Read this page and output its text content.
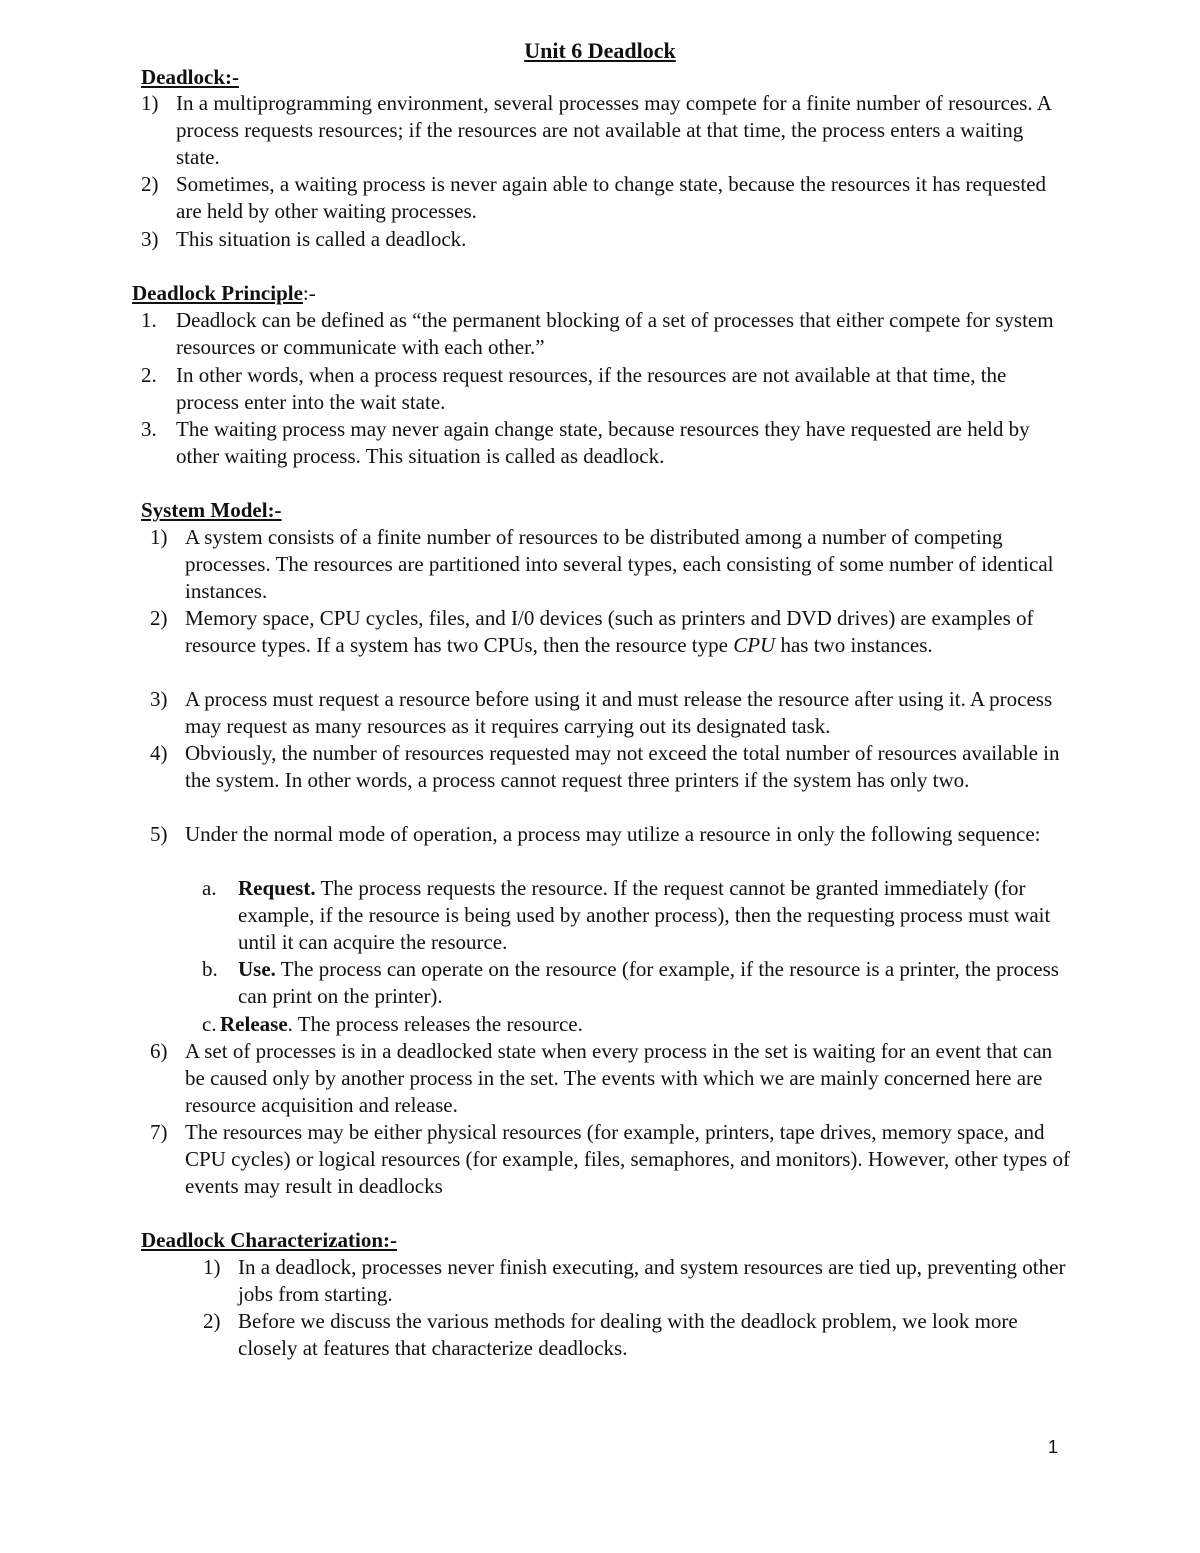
Unit 6 Deadlock
Deadlock:-
1) In a multiprogramming environment, several processes may compete for a finite number of resources. A process requests resources; if the resources are not available at that time, the process enters a waiting state.
2) Sometimes, a waiting process is never again able to change state, because the resources it has requested are held by other waiting processes.
3) This situation is called a deadlock.
Deadlock Principle:-
1. Deadlock can be defined as “the permanent blocking of a set of processes that either compete for system resources or communicate with each other.”
2. In other words, when a process request resources, if the resources are not available at that time, the process enter into the wait state.
3. The waiting process may never again change state, because resources they have requested are held by other waiting process. This situation is called as deadlock.
System Model:-
1) A system consists of a finite number of resources to be distributed among a number of competing processes. The resources are partitioned into several types, each consisting of some number of identical instances.
2) Memory space, CPU cycles, files, and I/0 devices (such as printers and DVD drives) are examples of resource types. If a system has two CPUs, then the resource type CPU has two instances.
3) A process must request a resource before using it and must release the resource after using it. A process may request as many resources as it requires carrying out its designated task.
4) Obviously, the number of resources requested may not exceed the total number of resources available in the system. In other words, a process cannot request three printers if the system has only two.
5) Under the normal mode of operation, a process may utilize a resource in only the following sequence:
a.	Request. The process requests the resource. If the request cannot be granted immediately (for example, if the resource is being used by another process), then the requesting process must wait until it can acquire the resource.
b. Use. The process can operate on the resource (for example, if the resource is a printer, the process can print on the printer).
c. Release. The process releases the resource.
6) A set of processes is in a deadlocked state when every process in the set is waiting for an event that can be caused only by another process in the set. The events with which we are mainly concerned here are resource acquisition and release.
7) The resources may be either physical resources (for example, printers, tape drives, memory space, and CPU cycles) or logical resources (for example, files, semaphores, and monitors). However, other types of events may result in deadlocks
Deadlock Characterization:-
1) In a deadlock, processes never finish executing, and system resources are tied up, preventing other jobs from starting.
2) Before we discuss the various methods for dealing with the deadlock problem, we look more closely at features that characterize deadlocks.
1
